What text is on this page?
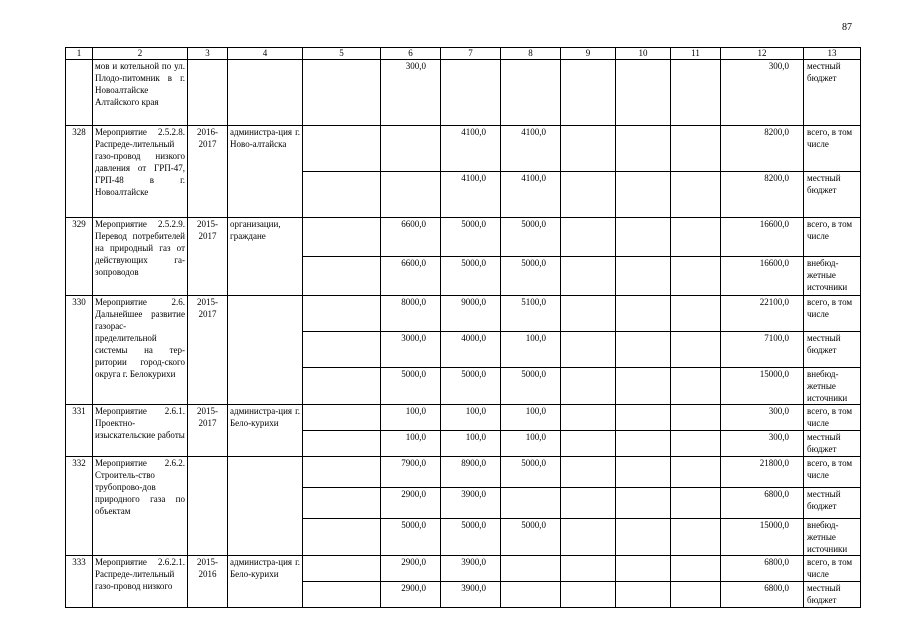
87
1	2	3	4	5	6	7	8	9	10	11	12	13
	мов и котельной по ул. Плодо-питомник в г. Новоалтайске Алтайского края				300,0						300,0	местный бюджет
328	Мероприятие 2.5.2.8. Распреде-лительный газо-провод низкого давления от ГРП-47, ГРП-48 в г. Новоалтайске	2016-2017	администра-ция г. Ново-алтайска			4100,0	4100,0				8200,0	всего, в том числе
						4100,0	4100,0				8200,0	местный бюджет
329	Мероприятие 2.5.2.9. Перевод потребителей на природный газ от действующих га-зопроводов	2015-2017	организации, граждане		6600,0	5000,0	5000,0				16600,0	всего, в том числе
					6600,0	5000,0	5000,0				16600,0	внебюд-жетные источники
330	Мероприятие 2.6. Дальнейшее развитие газорас-пределительной системы на тер-ритории город-ского округа г. Белокурихи	2015-2017			8000,0	9000,0	5100,0				22100,0	всего, в том числе
					3000,0	4000,0	100,0				7100,0	местный бюджет
					5000,0	5000,0	5000,0				15000,0	внебюд-жетные источники
331	Мероприятие 2.6.1. Проектно-изыскательские работы	2015-2017	администра-ция г. Бело-курихи		100,0	100,0	100,0				300,0	всего, в том числе
					100,0	100,0	100,0				300,0	местный бюджет
332	Мероприятие 2.6.2. Строитель-ство трубопрово-дов природного газа по объектам				7900,0	8900,0	5000,0				21800,0	всего, в том числе
					2900,0	3900,0					6800,0	местный бюджет
					5000,0	5000,0	5000,0				15000,0	внебюд-жетные источники
333	Мероприятие 2.6.2.1. Распреде-лительный газо-провод низкого	2015-2016	администра-ция г. Бело-курихи		2900,0	3900,0					6800,0	всего, в том числе
					2900,0	3900,0					6800,0	местный бюджет
